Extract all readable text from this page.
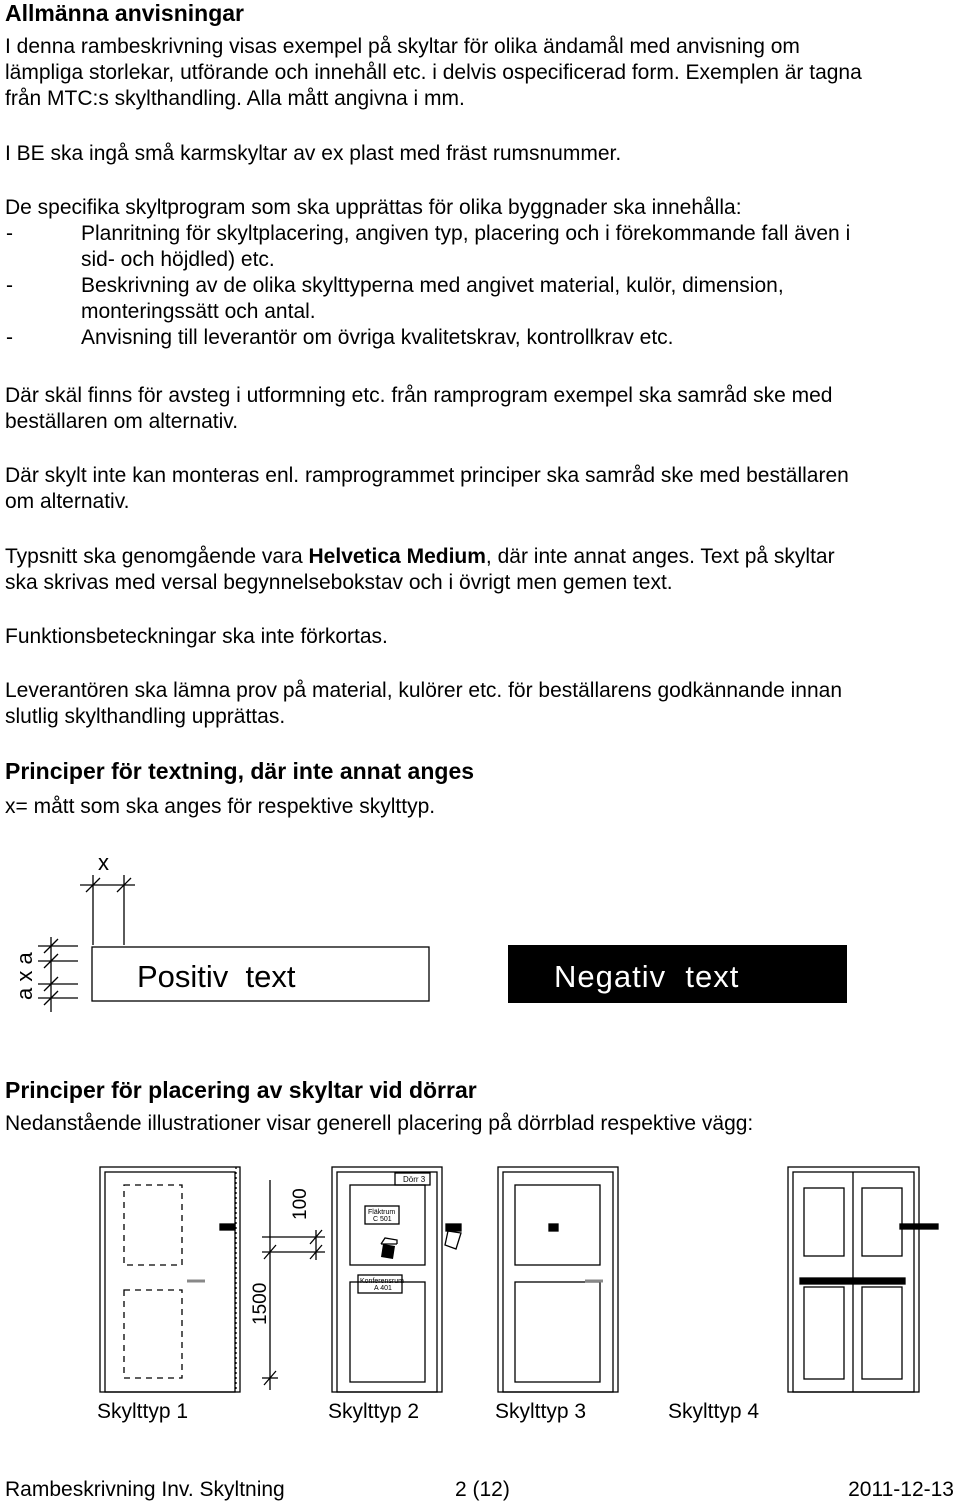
Allmänna anvisningar
I denna rambeskrivning visas exempel på skyltar för olika ändamål med anvisning om
lämpliga storlekar, utförande och innehåll etc. i delvis ospecificerad form. Exemplen är tagna
från MTC:s skylthandling. Alla mått angivna i mm.
I BE ska ingå små karmskyltar av ex plast med fräst rumsnummer.
De specifika skyltprogram som ska upprättas för olika byggnader ska innehålla:
-	Planritning för skyltplacering, angiven typ, placering och i förekommande fall även i
sid- och höjdled) etc.
-	Beskrivning av de olika skylttyperna med angivet material, kulör, dimension,
monteringssätt och antal.
-	Anvisning till leverantör om övriga kvalitetskrav, kontrollkrav etc.
Där skäl finns för avsteg i utformning etc. från ramprogram exempel ska samråd ske med
beställaren om alternativ.
Där skylt inte kan monteras enl. ramprogrammet principer ska samråd ske med beställaren
om alternativ.
Typsnitt ska genomgående vara Helvetica Medium, där inte annat anges. Text på skyltar
ska skrivas med versal begynnelsebokstav och i övrigt men gemen text.
Funktionsbeteckningar ska inte förkortas.
Leverantören ska lämna prov på material, kulörer etc. för beställarens godkännande innan
slutlig skylthandling upprättas.
Principer för textning, där inte annat anges
x= mått som ska anges för respektive skylttyp.
x
a x a	Positiv  text	Negativ  text
Principer för placering av skyltar vid dörrar
Nedanstående illustrationer visar generell placering på dörrblad respektive vägg:
100
1500
Dörr 3
Fläktrum
C 501
Konferensrum
A 401
Skylttyp 1	Skylttyp 2	Skylttyp 3	Skylttyp 4
Rambeskrivning Inv. Skyltning	2 (12)	2011-12-13
